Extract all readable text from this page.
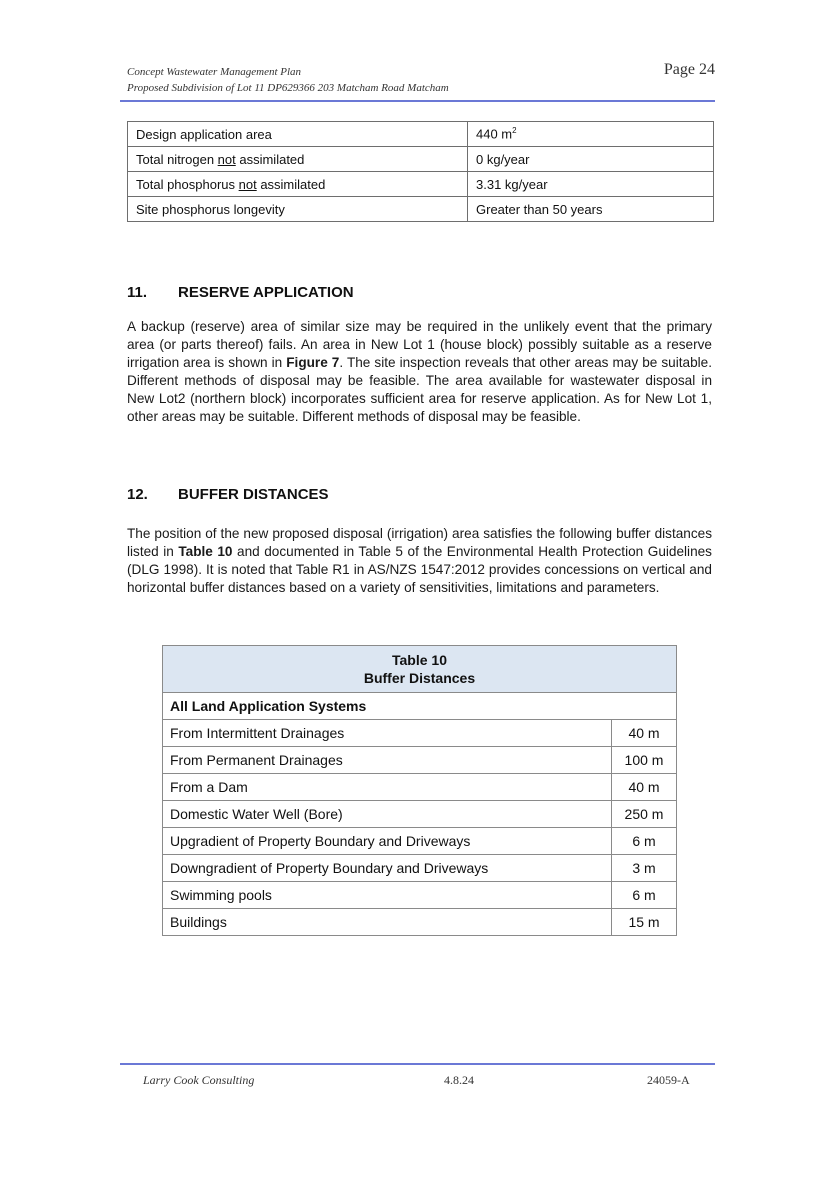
Concept Wastewater Management Plan
Proposed Subdivision of Lot 11 DP629366 203 Matcham Road Matcham
Page 24
Design application area	440 $m^2$
Total nitrogen not assimilated	0 kg/year
Total phosphorus not assimilated	3.31 kg/year
Site phosphorus longevity	Greater than 50 years
11. RESERVE APPLICATION
A backup (reserve) area of similar size may be required in the unlikely event that the primary area (or parts thereof) fails. An area in New Lot 1 (house block) possibly suitable as a reserve irrigation area is shown in Figure 7. The site inspection reveals that other areas may be suitable. Different methods of disposal may be feasible. The area available for wastewater disposal in New Lot2 (northern block) incorporates sufficient area for reserve application. As for New Lot 1, other areas may be suitable. Different methods of disposal may be feasible.
12. BUFFER DISTANCES
The position of the new proposed disposal (irrigation) area satisfies the following buffer distances listed in Table 10 and documented in Table 5 of the Environmental Health Protection Guidelines (DLG 1998). It is noted that Table R1 in AS/NZS 1547:2012 provides concessions on vertical and horizontal buffer distances based on a variety of sensitivities, limitations and parameters.
Table 10
Buffer Distances	

All Land Application Systems	
From Intermittent Drainages	40 m
From Permanent Drainages	100 m
From a Dam	40 m
Domestic Water Well (Bore)	250 m
Upgradient of Property Boundary and Driveways	6 m
Downgradient of Property Boundary and Driveways	3 m
Swimming pools	6 m
Buildings	15 m
Larry Cook Consulting	4.8.24	24059-A
